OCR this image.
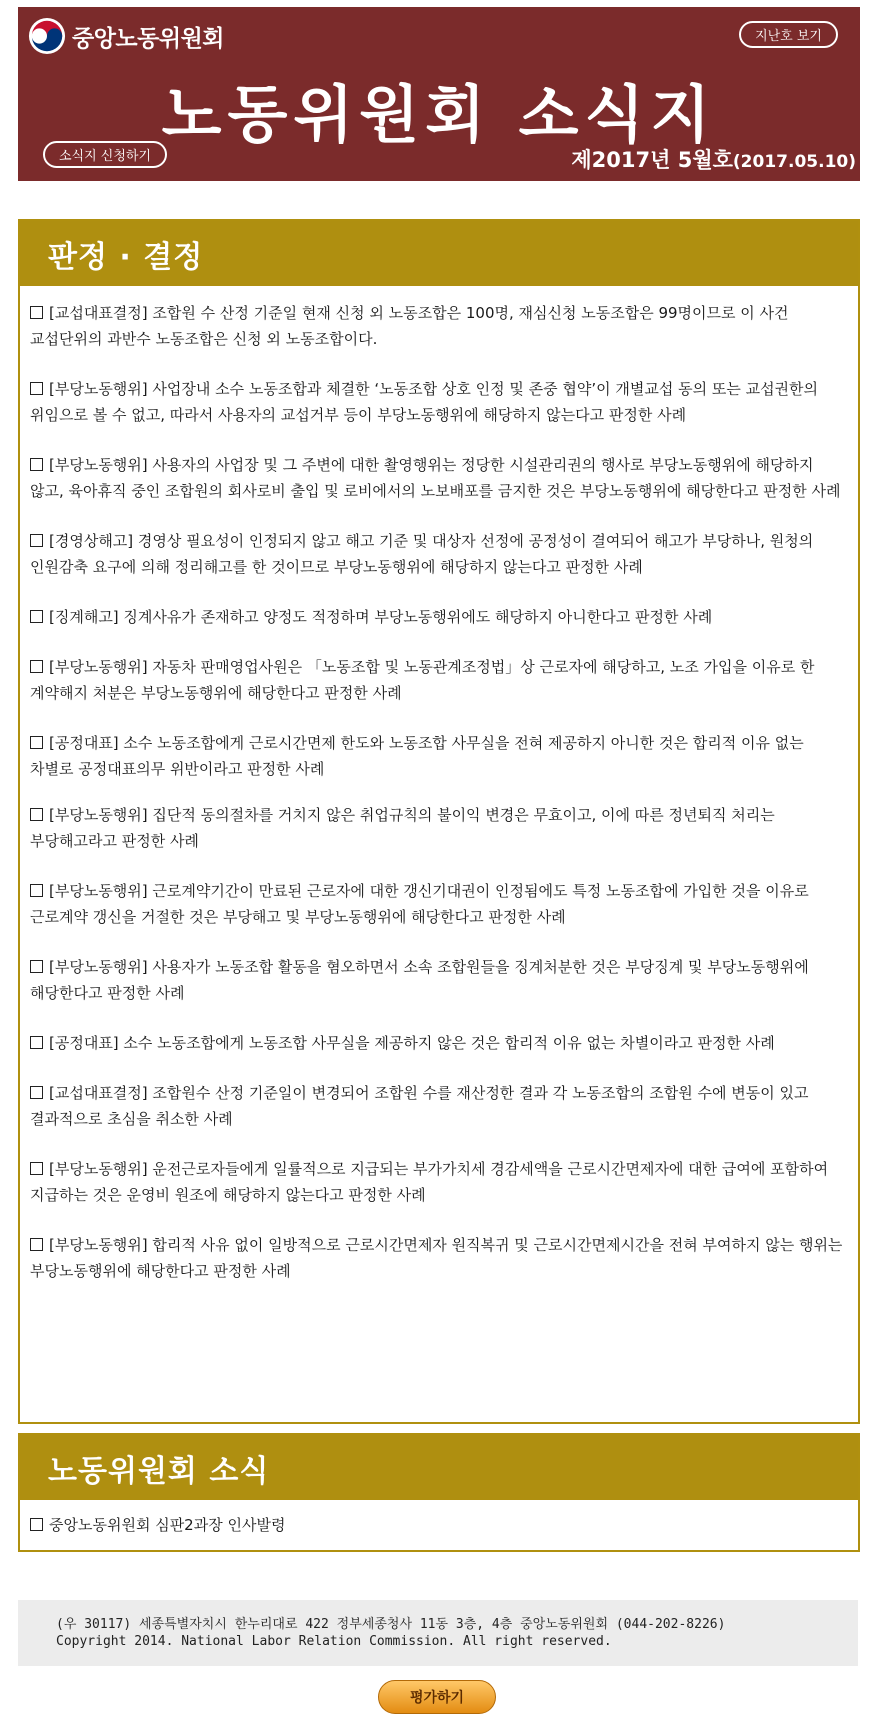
중앙노동위원회	지난호 보기
노동위원회 소식지
소식지 신청하기	제2017년 5월호(2017.05.10)
판정 · 결정

[교섭대표결정] 조합원 수 산정 기준일 현재 신청 외 노동조합은 100명, 재심신청 노동조합은 99명이므로 이 사건 교섭단위의 과반수 노동조합은 신청 외 노동조합이다.

[부당노동행위] 사업장내 소수 노동조합과 체결한 ‘노동조합 상호 인정 및 존중 협약’이 개별교섭 동의 또는 교섭권한의 위임으로 볼 수 없고, 따라서 사용자의 교섭거부 등이 부당노동행위에 해당하지 않는다고 판정한 사례

[부당노동행위] 사용자의 사업장 및 그 주변에 대한 촬영행위는 정당한 시설관리권의 행사로 부당노동행위에 해당하지 않고, 육아휴직 중인 조합원의 회사로비 출입 및 로비에서의 노보배포를 금지한 것은 부당노동행위에 해당한다고 판정한 사례

[경영상해고] 경영상 필요성이 인정되지 않고 해고 기준 및 대상자 선정에 공정성이 결여되어 해고가 부당하나, 원청의 인원감축 요구에 의해 정리해고를 한 것이므로 부당노동행위에 해당하지 않는다고 판정한 사례

[징계해고] 징계사유가 존재하고 양정도 적정하며 부당노동행위에도 해당하지 아니한다고 판정한 사례

[부당노동행위] 자동차 판매영업사원은 「노동조합 및 노동관계조정법」상 근로자에 해당하고, 노조 가입을 이유로 한 계약해지 처분은 부당노동행위에 해당한다고 판정한 사례

[공정대표] 소수 노동조합에게 근로시간면제 한도와 노동조합 사무실을 전혀 제공하지 아니한 것은 합리적 이유 없는 차별로 공정대표의무 위반이라고 판정한 사례

[부당노동행위] 집단적 동의절차를 거치지 않은 취업규칙의 불이익 변경은 무효이고, 이에 따른 정년퇴직 처리는 부당해고라고 판정한 사례

[부당노동행위] 근로계약기간이 만료된 근로자에 대한 갱신기대권이 인정됨에도 특정 노동조합에 가입한 것을 이유로 근로계약 갱신을 거절한 것은 부당해고 및 부당노동행위에 해당한다고 판정한 사례

[부당노동행위] 사용자가 노동조합 활동을 혐오하면서 소속 조합원들을 징계처분한 것은 부당징계 및 부당노동행위에 해당한다고 판정한 사례

[공정대표] 소수 노동조합에게 노동조합 사무실을 제공하지 않은 것은 합리적 이유 없는 차별이라고 판정한 사례

[교섭대표결정] 조합원수 산정 기준일이 변경되어 조합원 수를 재산정한 결과 각 노동조합의 조합원 수에 변동이 있고 결과적으로 초심을 취소한 사례

[부당노동행위] 운전근로자들에게 일률적으로 지급되는 부가가치세 경감세액을 근로시간면제자에 대한 급여에 포함하여 지급하는 것은 운영비 원조에 해당하지 않는다고 판정한 사례

[부당노동행위] 합리적 사유 없이 일방적으로 근로시간면제자 원직복귀 및 근로시간면제시간을 전혀 부여하지 않는 행위는 부당노동행위에 해당한다고 판정한 사례

노동위원회 소식

중앙노동위원회 심판2과장 인사발령

(우 30117) 세종특별자치시 한누리대로 422 정부세종청사 11동 3층, 4층 중앙노동위원회 (044-202-8226)

Copyright 2014. National Labor Relation Commission. All right reserved.

평가하기
